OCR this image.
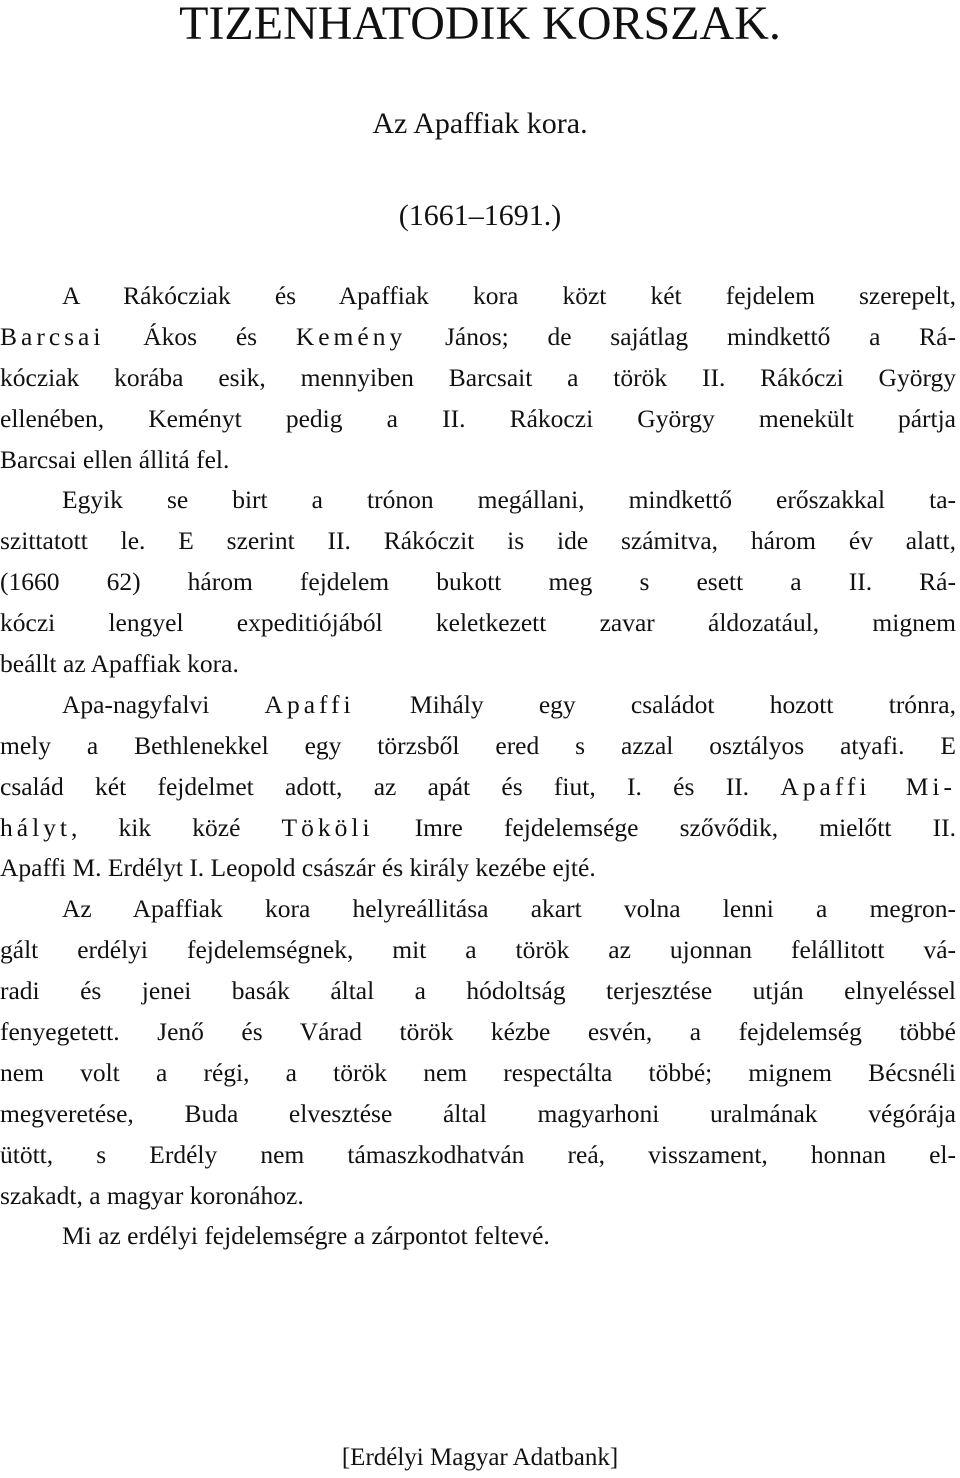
TIZENHATODIK KORSZAK.
Az Apaffiak kora.
(1661–1691.)
A Rákócziak és Apaffiak kora közt két fejdelem szerepelt,
Barcsai Ákos és Kemény János; de sajátlag mindkettő a Rá-
kócziak korába esik, mennyiben Barcsait a török II. Rákóczi György
ellenében, Keményt pedig a II. Rákoczi György menekült pártja
Barcsai ellen állitá fel.
Egyik se birt a trónon megállani, mindkettő erőszakkal ta-
szittatott le. E szerint II. Rákóczit is ide számitva, három év alatt,
(1660 62) három fejdelem bukott meg s esett a II. Rá-
kóczi lengyel expeditiójából keletkezett zavar áldozatául, mignem
beállt az Apaffiak kora.
Apa-nagyfalvi Apaffi Mihály egy családot hozott trónra,
mely a Bethlenekkel egy törzsből ered s azzal osztályos atyafi. E
család két fejdelmet adott, az apát és fiut, I. és II. Apaffi Mi-
hályt, kik közé Tököli Imre fejdelemsége szővődik, mielőtt II.
Apaffi M. Erdélyt I. Leopold császár és király kezébe ejté.
Az Apaffiak kora helyreállitása akart volna lenni a megron-
gált erdélyi fejdelemségnek, mit a török az ujonnan felállitott vá-
radi és jenei basák által a hódoltság terjesztése utján elnyeléssel
fenyegetett. Jenő és Várad török kézbe esvén, a fejdelemség többé
nem volt a régi, a török nem respectálta többé; mignem Bécsnéli
megveretése, Buda elvesztése által magyarhoni uralmának végórája
ütött, s Erdély nem támaszkodhatván reá, visszament, honnan el-
szakadt, a magyar koronához.
Mi az erdélyi fejdelemségre a zárpontot feltevé.
[Erdélyi Magyar Adatbank]
